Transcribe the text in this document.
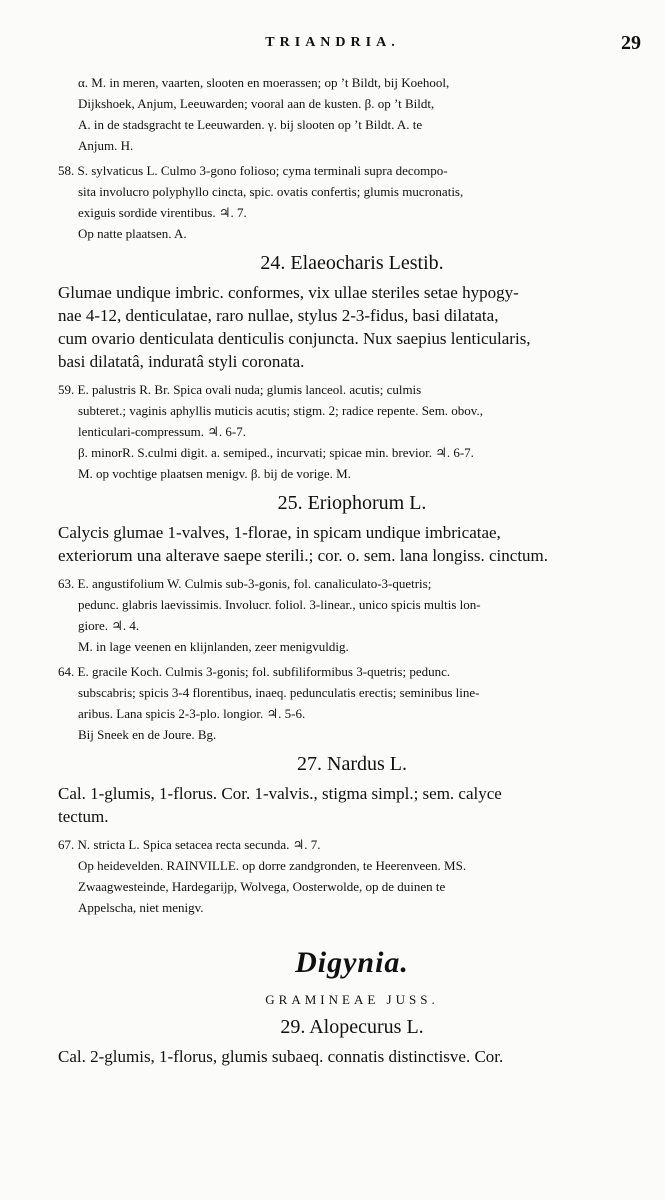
TRIANDRIA.	29

α. M. in meren, vaarten, slooten en moerassen; op ’t Bildt, bij Koehool,

Dijkshoek, Anjum, Leeuwarden; vooral aan de kusten. β. op ’t Bildt,

A. in de stadsgracht te Leeuwarden. γ. bij slooten op ’t Bildt. A. te

Anjum. H.

58. S. sylvaticus L. Culmo 3-gono folioso; cyma terminali supra decompo-

sita involucro polyphyllo cincta, spic. ovatis confertis; glumis mucronatis,

exiguis sordide virentibus. ♃. 7.

Op natte plaatsen. A.

24. Elaeocharis Lestib.

Glumae undique imbric. conformes, vix ullae steriles setae hypogy-

nae 4-12, denticulatae, raro nullae, stylus 2-3-fidus, basi dilatata,

cum ovario denticulata denticulis conjuncta. Nux saepius lenticularis,

basi dilatatâ, induratâ styli coronata.

59. E. palustris R. Br. Spica ovali nuda; glumis lanceol. acutis; culmis

subteret.; vaginis aphyllis muticis acutis; stigm. 2; radice repente. Sem. obov.,

lenticulari-compressum. ♃. 6-7.

β. minorR. S.culmi digit. a. semiped., incurvati; spicae min. brevior. ♃. 6-7.

M. op vochtige plaatsen menigv. β. bij de vorige. M.

25. Eriophorum L.

Calycis glumae 1-valves, 1-florae, in spicam undique imbricatae,

exteriorum una alterave saepe sterili.; cor. o. sem. lana longiss. cinctum.

63. E. angustifolium W. Culmis sub-3-gonis, fol. canaliculato-3-quetris;

pedunc. glabris laevissimis. Involucr. foliol. 3-linear., unico spicis multis lon-

giore. ♃. 4.

M. in lage veenen en klijnlanden, zeer menigvuldig.

64. E. gracile Koch. Culmis 3-gonis; fol. subfiliformibus 3-quetris; pedunc.

subscabris; spicis 3-4 florentibus, inaeq. pedunculatis erectis; seminibus line-

aribus. Lana spicis 2-3-plo. longior. ♃. 5-6.

Bij Sneek en de Joure. Bg.

27. Nardus L.

Cal. 1-glumis, 1-florus. Cor. 1-valvis., stigma simpl.; sem. calyce

tectum.

67. N. stricta L. Spica setacea recta secunda. ♃. 7.

Op heidevelden. RAINVILLE. op dorre zandgronden, te Heerenveen. MS.

Zwaagwesteinde, Hardegarijp, Wolvega, Oosterwolde, op de duinen te

Appelscha, niet menigv.

Digynia.
GRAMINEAE JUSS.
29. Alopecurus L.

Cal. 2-glumis, 1-florus, glumis subaeq. connatis distinctisve. Cor.
